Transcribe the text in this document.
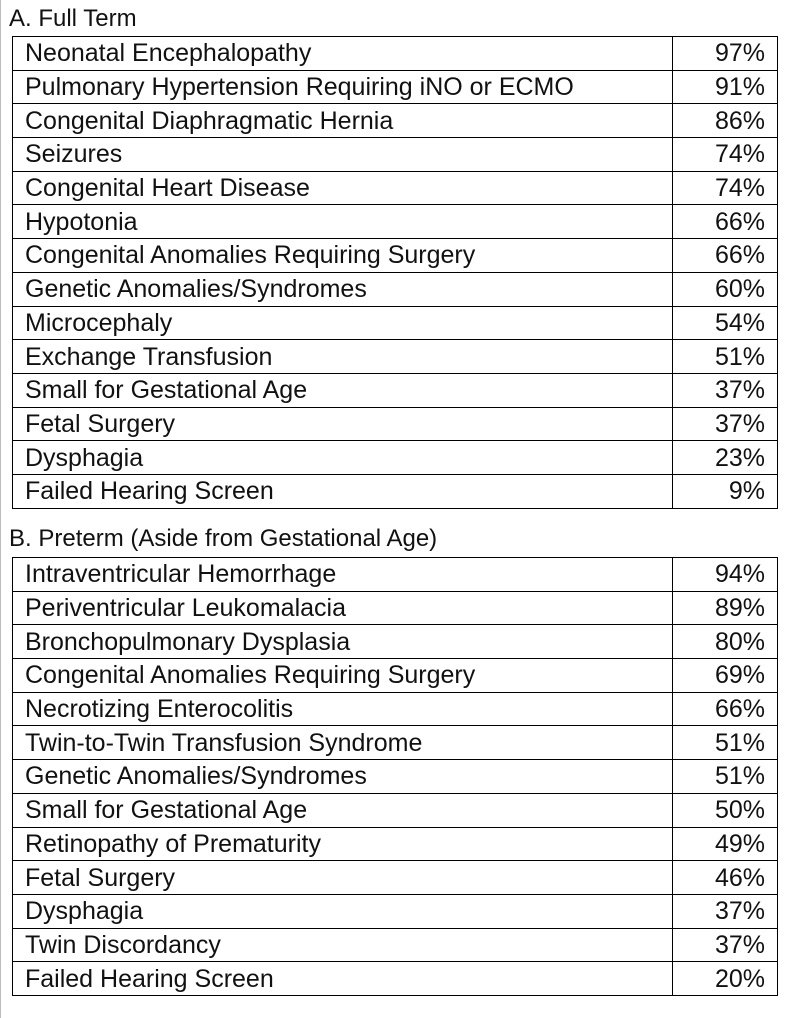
A. Full Term
Neonatal Encephalopathy	97%
Pulmonary Hypertension Requiring iNO or ECMO	91%
Congenital Diaphragmatic Hernia	86%
Seizures	74%
Congenital Heart Disease	74%
Hypotonia	66%
Congenital Anomalies Requiring Surgery	66%
Genetic Anomalies/Syndromes	60%
Microcephaly	54%
Exchange Transfusion	51%
Small for Gestational Age	37%
Fetal Surgery	37%
Dysphagia	23%
Failed Hearing Screen	9%
B. Preterm (Aside from Gestational Age)
Intraventricular Hemorrhage	94%
Periventricular Leukomalacia	89%
Bronchopulmonary Dysplasia	80%
Congenital Anomalies Requiring Surgery	69%
Necrotizing Enterocolitis	66%
Twin-to-Twin Transfusion Syndrome	51%
Genetic Anomalies/Syndromes	51%
Small for Gestational Age	50%
Retinopathy of Prematurity	49%
Fetal Surgery	46%
Dysphagia	37%
Twin Discordancy	37%
Failed Hearing Screen	20%
